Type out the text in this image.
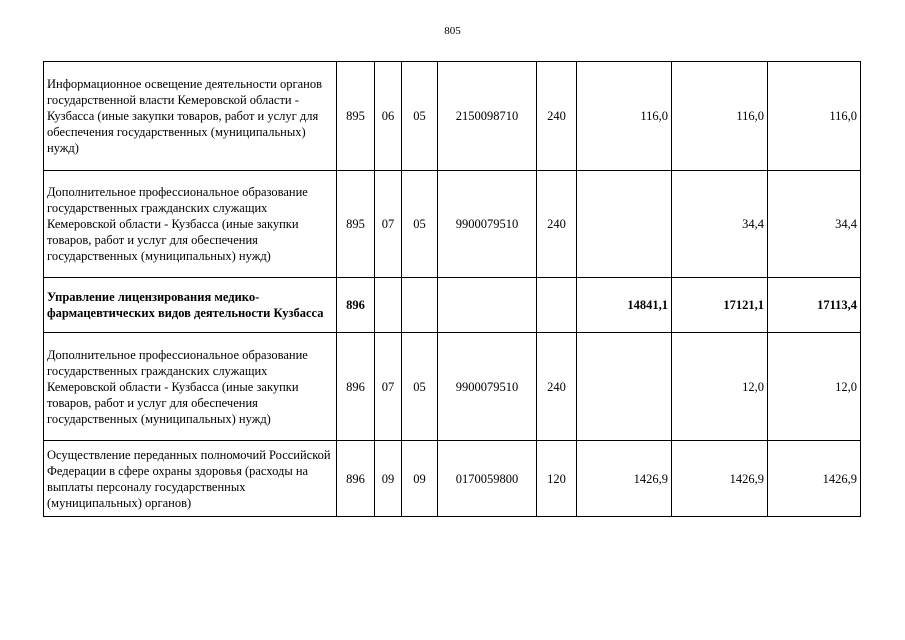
805
Информационное освещение деятельности органов государственной власти Кемеровской области - Кузбасса (иные закупки товаров, работ и услуг для обеспечения государственных (муниципальных) нужд)	895	06	05	2150098710	240	116,0	116,0	116,0
Дополнительное профессиональное образование государственных гражданских служащих Кемеровской области - Кузбасса (иные закупки товаров, работ и услуг для обеспечения государственных (муниципальных) нужд)	895	07	05	9900079510	240		34,4	34,4
Управление лицензирования медико-фармацевтических видов деятельности Кузбасса	896					14841,1	17121,1	17113,4
Дополнительное профессиональное образование государственных гражданских служащих Кемеровской области - Кузбасса (иные закупки товаров, работ и услуг для обеспечения государственных (муниципальных) нужд)	896	07	05	9900079510	240		12,0	12,0
Осуществление переданных полномочий Российской Федерации в сфере охраны здоровья (расходы на выплаты персоналу государственных (муниципальных) органов)	896	09	09	0170059800	120	1426,9	1426,9	1426,9
